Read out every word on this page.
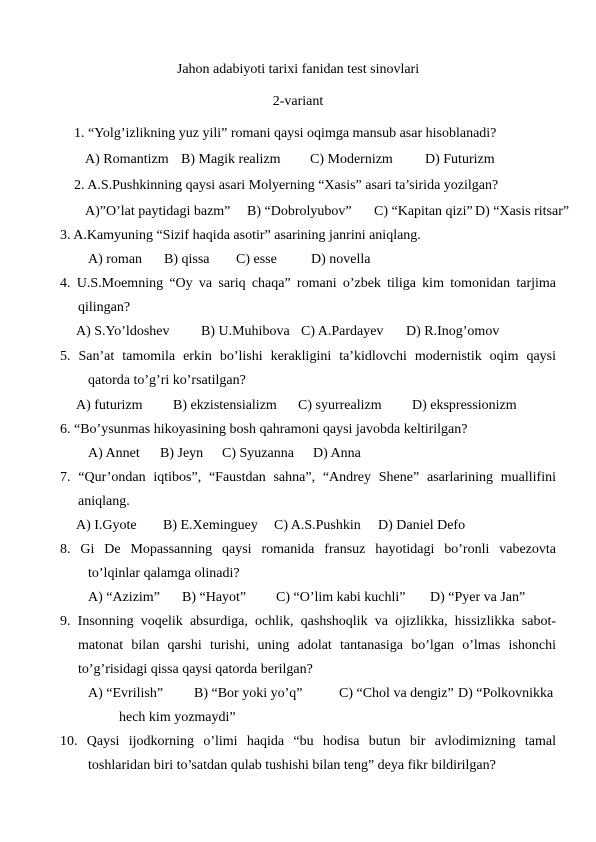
Jahon adabiyoti tarixi fanidan test sinovlari
2-variant
1. “Yolg’izlikning yuz yili” romani qaysi oqimga mansub asar hisoblanadi?
A) Romantizm B) Magik realizm C) Modernizm D) Futurizm
2. A.S.Pushkinning qaysi asari Molyerning “Xasis” asari ta’sirida yozilgan?
A)”O’lat paytidagi bazm” B) “Dobrolyubov” C) “Kapitan qizi” D) “Xasis ritsar”
3. A.Kamyuning “Sizif haqida asotir” asarining janrini aniqlang.
A) roman B) qissa C) esse D) novella
4. U.S.Moemning “Oy va sariq chaqa” romani o’zbek tiliga kim tomonidan tarjima
qilingan?
A) S.Yo’ldoshev B) U.Muhibova C) A.Pardayev D) R.Inog’omov
5. San’at tamomila erkin bo’lishi kerakligini ta’kidlovchi modernistik oqim qaysi
qatorda to’g’ri ko’rsatilgan?
A) futurizm B) ekzistensializm C) syurrealizm D) ekspressionizm
6. “Bo’ysunmas hikoyasining bosh qahramoni qaysi javobda keltirilgan?
A) Annet B) Jeyn C) Syuzanna D) Anna
7. “Qur’ondan iqtibos”, “Faustdan sahna”, “Andrey Shene” asarlarining muallifini
aniqlang.
A) I.Gyote B) E.Xeminguey C) A.S.Pushkin D) Daniel Defo
8. Gi De Mopassanning qaysi romanida fransuz hayotidagi bo’ronli vabezovta
to’lqinlar qalamga olinadi?
A) “Azizim” B) “Hayot” C) “O’lim kabi kuchli” D) “Pyer va Jan”
9. Insonning voqelik absurdiga, ochlik, qashshoqlik va ojizlikka, hissizlikka sabot-
matonat bilan qarshi turishi, uning adolat tantanasiga bo’lgan o’lmas ishonchi
to’g’risidagi qissa qaysi qatorda berilgan?
A) “Evrilish” B) “Bor yoki yo’q”	C) “Chol va dengiz” D) “Polkovnikka
hech kim yozmaydi”
10. Qaysi ijodkorning o’limi haqida “bu hodisa butun bir avlodimizning tamal
toshlaridan biri to’satdan qulab tushishi bilan teng” deya fikr bildirilgan?
